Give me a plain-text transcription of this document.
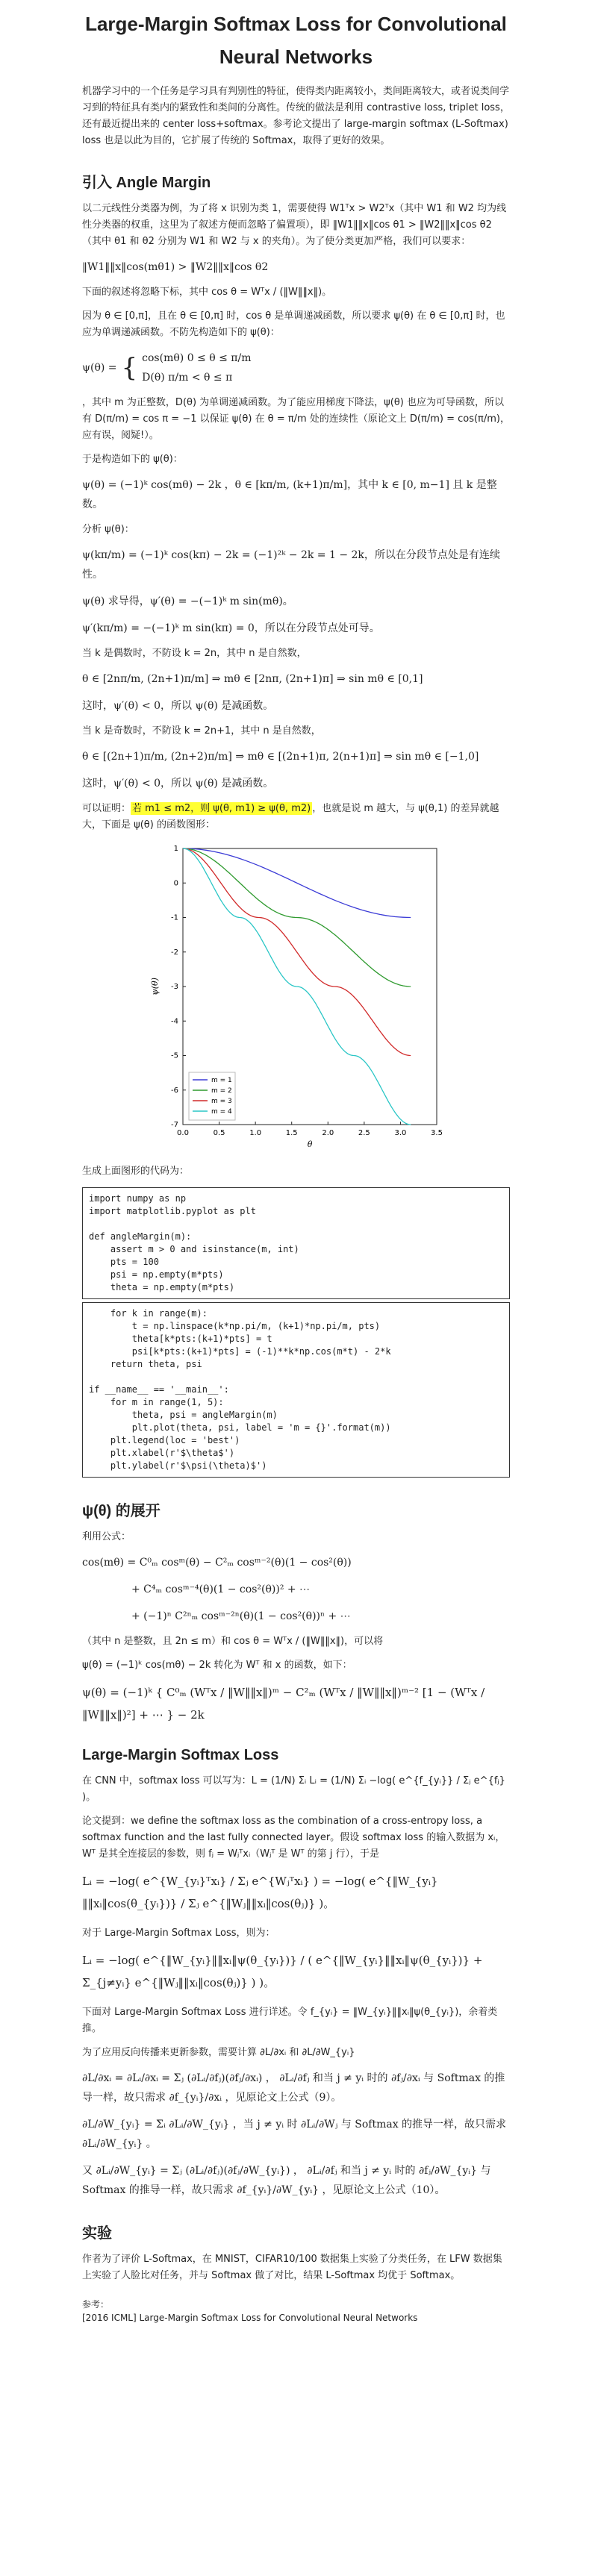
Large-Margin Softmax Loss for Convolutional Neural Networks

机器学习中的一个任务是学习具有判别性的特征，使得类内距离较小，类间距离较大，或者说类间学习到的特征具有类内的紧致性和类间的分离性。传统的做法是利用 contrastive loss, triplet loss，还有最近提出来的 center loss+softmax。参考论文提出了 large-margin softmax (L-Softmax) loss 也是以此为目的，它扩展了传统的 Softmax，取得了更好的效果。

引入 Angle Margin

以二元线性分类器为例，为了将 x 识别为类 1，需要使得 W1ᵀx > W2ᵀx（其中 W1 和 W2 均为线性分类器的权重，这里为了叙述方便而忽略了偏置项），即 ‖W1‖‖x‖cos θ1 > ‖W2‖‖x‖cos θ2（其中 θ1 和 θ2 分别为 W1 和 W2 与 x 的夹角）。为了使分类更加严格，我们可以要求：

‖W1‖‖x‖cos(mθ1) > ‖W2‖‖x‖cos θ2

下面的叙述将忽略下标，其中 cos θ = Wᵀx / (‖W‖‖x‖)。

因为 θ ∈ [0,π]，且在 θ ∈ [0,π] 时，cos θ 是单调递减函数，所以要求 ψ(θ) 在 θ ∈ [0,π] 时，也应为单调递减函数。不防先构造如下的 ψ(θ)：

ψ(θ) = { cos(mθ) 0 ≤ θ ≤ π/m
D(θ) π/m < θ ≤ π

，其中 m 为正整数，D(θ) 为单调递减函数。为了能应用梯度下降法，ψ(θ) 也应为可导函数，所以有 D(π/m) = cos π = −1 以保证 ψ(θ) 在 θ = π/m 处的连续性（原论文上 D(π/m) = cos(π/m)，应有误，阅疑!）。

于是构造如下的 ψ(θ)：

ψ(θ) = (−1)ᵏ cos(mθ) − 2k ，θ ∈ [kπ/m, (k+1)π/m]，其中 k ∈ [0, m−1] 且 k 是整数。

分析 ψ(θ)：

ψ(kπ/m) = (−1)ᵏ cos(kπ) − 2k = (−1)²ᵏ − 2k = 1 − 2k，所以在分段节点处是有连续性。
ψ(θ) 求导得，ψ′(θ) = −(−1)ᵏ m sin(mθ)。
ψ′(kπ/m) = −(−1)ᵏ m sin(kπ) = 0，所以在分段节点处可导。

当 k 是偶数时，不防设 k = 2n，其中 n 是自然数，

θ ∈ [2nπ/m, (2n+1)π/m] ⇒ mθ ∈ [2nπ, (2n+1)π] ⇒ sin mθ ∈ [0,1]
这时，ψ′(θ) < 0，所以 ψ(θ) 是减函数。

当 k 是奇数时，不防设 k = 2n+1，其中 n 是自然数，

θ ∈ [(2n+1)π/m, (2n+2)π/m] ⇒ mθ ∈ [(2n+1)π, 2(n+1)π] ⇒ sin mθ ∈ [−1,0]
这时，ψ′(θ) < 0，所以 ψ(θ) 是减函数。

可以证明： 若 m1 ≤ m2，则 ψ(θ, m1) ≥ ψ(θ, m2) ，也就是说 m 越大，与 ψ(θ,1) 的差异就越大，下面是 ψ(θ) 的函数图形：

0.0	0.5	1.0	1.5	2.0	2.5	3.0	3.5
1
0
-1
-2
-3
-4
-5
-6
-7
θ
ψ(θ)
m = 1
m = 2
m = 3
m = 4

生成上面图形的代码为：

import numpy as np
import matplotlib.pyplot as plt

def angleMargin(m):
assert m > 0 and isinstance(m, int)
pts = 100
psi = np.empty(m*pts)
theta = np.empty(m*pts)
for k in range(m):
t = np.linspace(k*np.pi/m, (k+1)*np.pi/m, pts)
theta[k*pts:(k+1)*pts] = t
psi[k*pts:(k+1)*pts] = (-1)**k*np.cos(m*t) - 2*k
return theta, psi

if __name__ == '__main__':
for m in range(1, 5):
theta, psi = angleMargin(m)
plt.plot(theta, psi, label = 'm = {}'.format(m))
plt.legend(loc = 'best')
plt.xlabel(r'$\theta$')
plt.ylabel(r'$\psi(\theta)$')
ψ(θ) 的展开

利用公式：

cos(mθ) = C⁰ₘ cosᵐ(θ) − C²ₘ cosᵐ⁻²(θ)(1 − cos²(θ))
+ C⁴ₘ cosᵐ⁻⁴(θ)(1 − cos²(θ))² + ⋯
+ (−1)ⁿ C²ⁿₘ cosᵐ⁻²ⁿ(θ)(1 − cos²(θ))ⁿ + ⋯

（其中 n 是整数，且 2n ≤ m）和 cos θ = Wᵀx / (‖W‖‖x‖)，可以将

ψ(θ) = (−1)ᵏ cos(mθ) − 2k 转化为 Wᵀ 和 x 的函数，如下：

ψ(θ) = (−1)ᵏ { C⁰ₘ (Wᵀx / ‖W‖‖x‖)ᵐ − C²ₘ (Wᵀx / ‖W‖‖x‖)ᵐ⁻² [1 − (Wᵀx / ‖W‖‖x‖)²] + ⋯ } − 2k
Large-Margin Softmax Loss

在 CNN 中，softmax loss 可以写为：L = (1/N) Σᵢ Lᵢ = (1/N) Σᵢ −log( e^{f_{yᵢ}} / Σⱼ e^{fⱼ} )。

论文提到：we define the softmax loss as the combination of a cross-entropy loss, a softmax function and the last fully connected layer。假设 softmax loss 的输入数据为 xᵢ，Wᵀ 是其全连接层的参数，则 fⱼ = Wⱼᵀxᵢ（Wⱼᵀ 是 Wᵀ 的第 j 行），于是

Lᵢ = −log( e^{W_{yᵢ}ᵀxᵢ} / Σⱼ e^{Wⱼᵀxᵢ} ) = −log( e^{‖W_{yᵢ}‖‖xᵢ‖cos(θ_{yᵢ})} / Σⱼ e^{‖Wⱼ‖‖xᵢ‖cos(θⱼ)} )。

对于 Large-Margin Softmax Loss，则为：

Lᵢ = −log( e^{‖W_{yᵢ}‖‖xᵢ‖ψ(θ_{yᵢ})} / ( e^{‖W_{yᵢ}‖‖xᵢ‖ψ(θ_{yᵢ})} + Σ_{j≠yᵢ} e^{‖Wⱼ‖‖xᵢ‖cos(θⱼ)} ) )。

下面对 Large-Margin Softmax Loss 进行详述。令 f_{yᵢ} = ‖W_{yᵢ}‖‖xᵢ‖ψ(θ_{yᵢ})，余着类推。

为了应用反向传播来更新参数，需要计算 ∂L/∂xᵢ 和 ∂L/∂W_{yᵢ}

∂L/∂xᵢ = ∂Lᵢ/∂xᵢ = Σⱼ (∂Lᵢ/∂fⱼ)(∂fⱼ/∂xᵢ) ， ∂Lᵢ/∂fⱼ 和当 j ≠ yᵢ 时的 ∂fⱼ/∂xᵢ 与 Softmax 的推导一样，故只需求 ∂f_{yᵢ}/∂xᵢ ，见原论文上公式（9）。
∂L/∂W_{yᵢ} = Σᵢ ∂Lᵢ/∂W_{yᵢ} ，当 j ≠ yᵢ 时 ∂Lᵢ/∂Wⱼ 与 Softmax 的推导一样，故只需求 ∂Lᵢ/∂W_{yᵢ} 。
又 ∂Lᵢ/∂W_{yᵢ} = Σⱼ (∂Lᵢ/∂fⱼ)(∂fⱼ/∂W_{yᵢ}) ， ∂Lᵢ/∂fⱼ 和当 j ≠ yᵢ 时的 ∂fⱼ/∂W_{yᵢ} 与 Softmax 的推导一样，故只需求 ∂f_{yᵢ}/∂W_{yᵢ} ，见原论文上公式（10）。
实验

作者为了评价 L-Softmax，在 MNIST，CIFAR10/100 数据集上实验了分类任务，在 LFW 数据集上实验了人脸比对任务，并与 Softmax 做了对比，结果 L-Softmax 均优于 Softmax。

参考：
[2016 ICML] Large-Margin Softmax Loss for Convolutional Neural Networks
